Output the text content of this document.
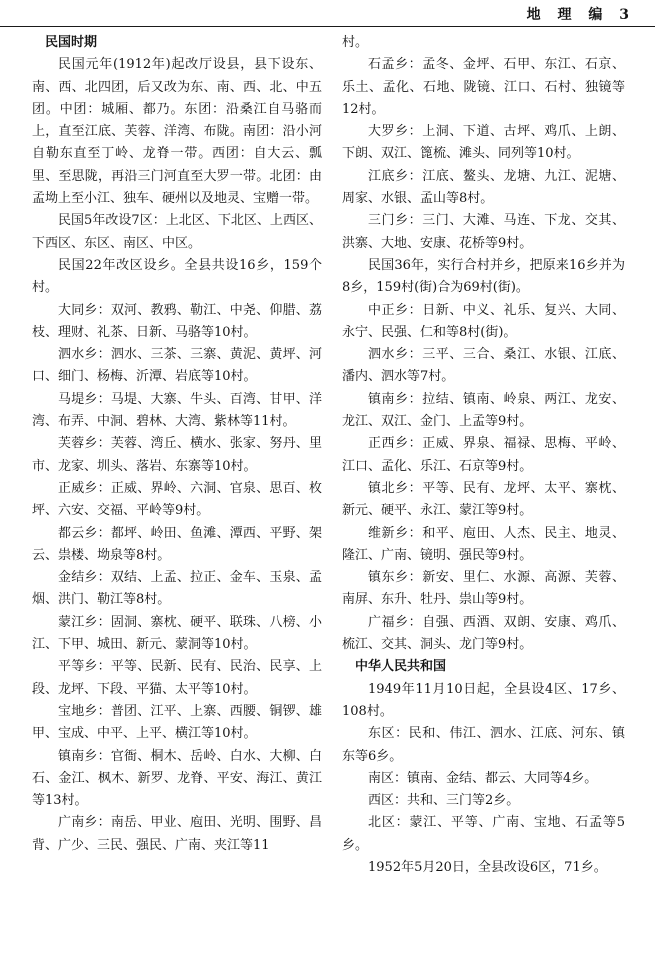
地 理 编 3

民国时期

民国元年(1912年)起改厅设县，县下设东、南、西、北四团，后又改为东、南、西、北、中五团。中团：城厢、都乃。东团：沿桑江自马骆而上，直至江底、芙蓉、洋湾、布陇。南团：沿小河自勒东直至丁岭、龙脊一带。西团：自大云、瓢里、至思陇，再沿三门河直至大罗一带。北团：由孟坳上至小江、独车、硬州以及地灵、宝赠一带。

民国5年改设7区：上北区、下北区、上西区、下西区、东区、南区、中区。

民国22年改区设乡。全县共设16乡，159个村。

大同乡：双河、教鸦、勒江、中尧、仰腊、荔枝、理财、礼茶、日新、马骆等10村。

泗水乡：泗水、三茶、三寨、黄泥、黄坪、河口、细门、杨梅、沂潭、岩底等10村。

马堤乡：马堤、大寨、牛头、百湾、甘甲、洋湾、布弄、中洞、碧林、大湾、紫林等11村。

芙蓉乡：芙蓉、湾丘、横水、张家、努丹、里市、龙家、圳头、落岩、东寨等10村。

正威乡：正威、界岭、六洞、官泉、思百、枚坪、六安、交福、平岭等9村。

都云乡：都坪、岭田、鱼滩、潭西、平野、架云、祟楼、坳泉等8村。

金结乡：双结、上孟、拉正、金车、玉泉、孟烟、洪门、勒江等8村。

蒙江乡：固洞、寨枕、硬平、联珠、八榜、小江、下甲、城田、新元、蒙洞等10村。

平等乡：平等、民新、民有、民治、民享、上段、龙坪、下段、平猫、太平等10村。

宝地乡：普团、江平、上寨、西腰、铜锣、雄甲、宝成、中平、上平、横江等10村。

镇南乡：官衙、桐木、岳岭、白水、大柳、白石、金江、枫木、新罗、龙脊、平安、海江、黄江等13村。

广南乡：南岳、甲业、庖田、光明、围野、昌背、广少、三民、强民、广南、夹江等11

村。

石孟乡：孟冬、金坪、石甲、东江、石京、乐土、孟化、石地、陇镜、江口、石村、独镜等12村。

大罗乡：上洞、下道、古坪、鸡爪、上朗、下朗、双江、篦梳、滩头、同列等10村。

江底乡：江底、鳌头、龙塘、九江、泥塘、周家、水银、孟山等8村。

三门乡：三门、大滩、马连、下龙、交其、洪寨、大地、安康、花桥等9村。

民国36年，实行合村并乡，把原来16乡并为8乡，159村(街)合为69村(街)。

中正乡：日新、中义、礼乐、复兴、大同、永宁、民强、仁和等8村(街)。

泗水乡：三平、三合、桑江、水银、江底、潘内、泗水等7村。

镇南乡：拉结、镇南、岭泉、两江、龙安、龙江、双江、金门、上孟等9村。

正西乡：正威、界泉、福禄、思梅、平岭、江口、孟化、乐江、石京等9村。

镇北乡：平等、民有、龙坪、太平、寨枕、新元、硬平、永江、蒙江等9村。

维新乡：和平、庖田、人杰、民主、地灵、隆江、广南、镜明、强民等9村。

镇东乡：新安、里仁、水源、高源、芙蓉、南屏、东升、牡丹、祟山等9村。

广福乡：自强、西酒、双朗、安康、鸡爪、梳江、交其、洞头、龙门等9村。

中华人民共和国

1949年11月10日起，全县设4区、17乡、108村。

东区：民和、伟江、泗水、江底、河东、镇东等6乡。

南区：镇南、金结、都云、大同等4乡。

西区：共和、三门等2乡。

北区：蒙江、平等、广南、宝地、石孟等5乡。

1952年5月20日，全县改设6区，71乡。
